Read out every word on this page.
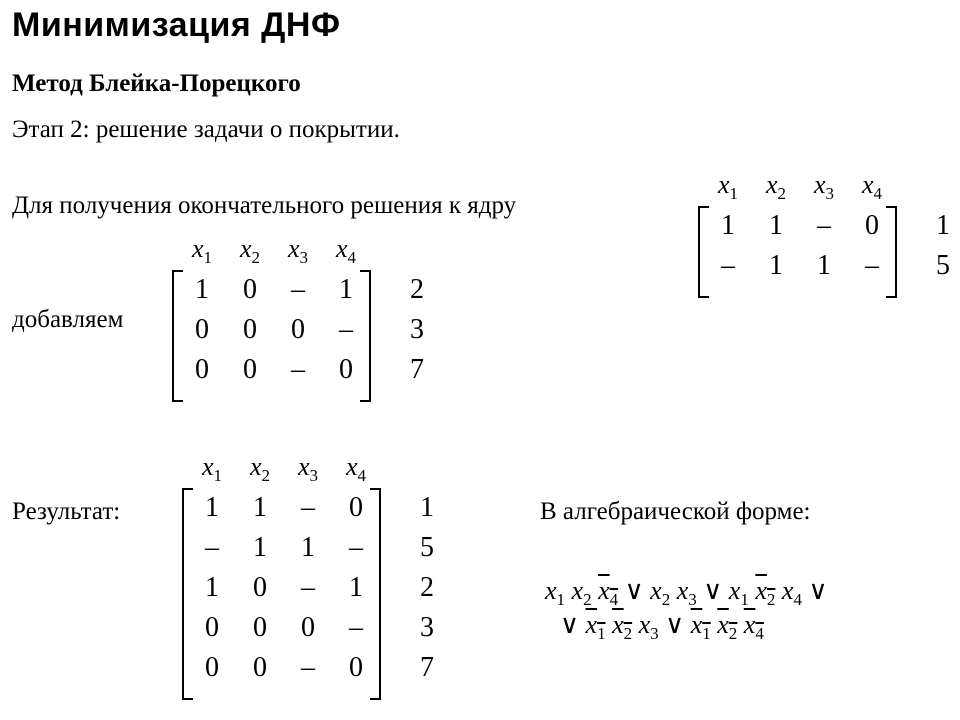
Минимизация ДНФ
Метод Блейка-Порецкого
Этап 2: решение задачи о покрытии.
Для получения окончательного решения к ядру
добавляем
Результат:	В алгебраической форме:
$x_1$ $x_2$ $x_3$ $x_4$
1 1 – 0 1
– 1 1 – 5
$x_1$ $x_2$ $x_3$ $x_4$
1 0 – 1 2
0 0 0 – 3
0 0 – 0 7
$x_1$ $x_2$ $x_3$ $x_4$
1 1 – 0 1
– 1 1 – 5
1 0 – 1 2
0 0 0 – 3
0 0 – 0 7
$x_1$ $x_2$ $x_4$ ∨ $x_2$ $x_3$ ∨ $x_1$ $x_2$ $x_4$ ∨
∨ $x_1$ $x_2$ $x_3$ ∨ $x_1$ $x_2$ $x_4$
